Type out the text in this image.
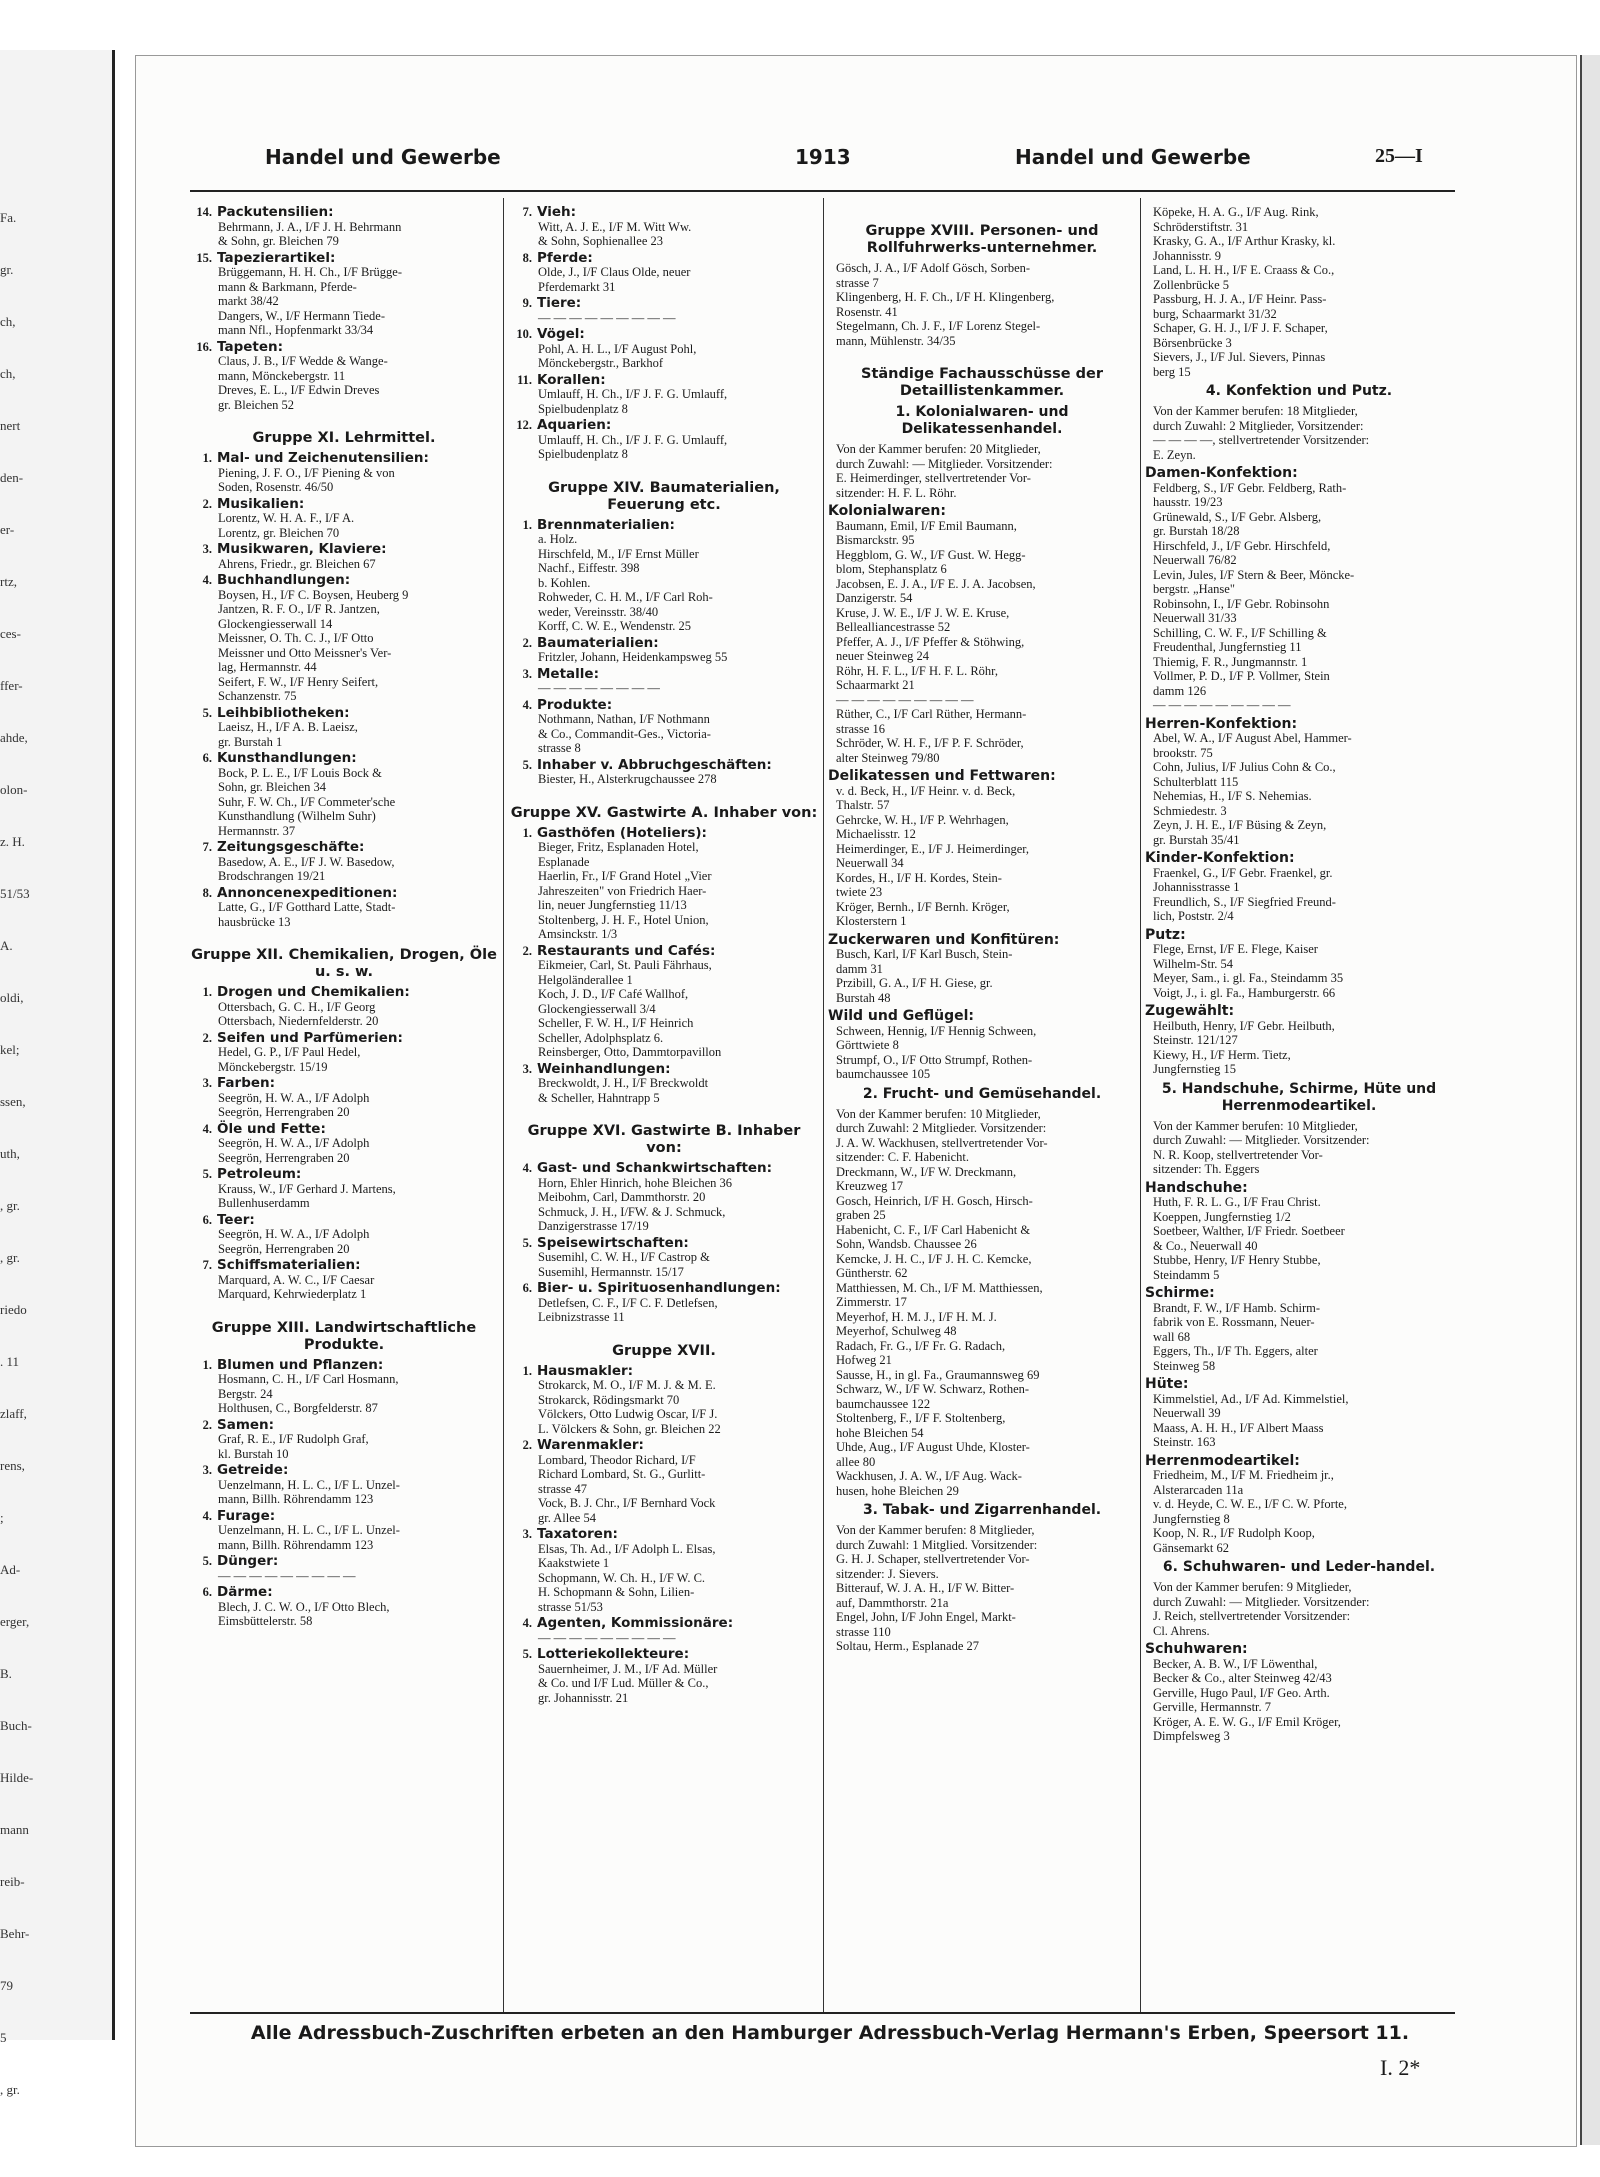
Fa.
gr.
ch,
ch,
nert
den-
er-
rtz,
ces-
ffer-
ahde,
olon-
z. H.
51/53
A.
oldi,
kel;
ssen,
uth,
, gr.
, gr.
riedo
. 11
zlaff,
rens,
;
Ad-
erger,
B.
Buch-
Hilde-
mann
reib-
Behr-
79
5
, gr.
Handel und Gewerbe	1913	Handel und Gewerbe	25—I
14. Packutensilien:
Behrmann, J. A., I/F J. H. Behrmann
& Sohn, gr. Bleichen 79
15. Tapezierartikel:
Brüggemann, H. H. Ch., I/F Brügge-
mann & Barkmann, Pferde-
markt 38/42
Dangers, W., I/F Hermann Tiede-
mann Nfl., Hopfenmarkt 33/34
16. Tapeten:
Claus, J. B., I/F Wedde & Wange-
mann, Mönckebergstr. 11
Dreves, E. L., I/F Edwin Dreves
gr. Bleichen 52
Gruppe XI. Lehrmittel.
1. Mal- und Zeichenutensilien:
Piening, J. F. O., I/F Piening & von
Soden, Rosenstr. 46/50
2. Musikalien:
Lorentz, W. H. A. F., I/F A.
Lorentz, gr. Bleichen 70
3. Musikwaren, Klaviere:
Ahrens, Friedr., gr. Bleichen 67
4. Buchhandlungen:
Boysen, H., I/F C. Boysen, Heuberg 9
Jantzen, R. F. O., I/F R. Jantzen,
Glockengiesserwall 14
Meissner, O. Th. C. J., I/F Otto
Meissner und Otto Meissner's Ver-
lag, Hermannstr. 44
Seifert, F. W., I/F Henry Seifert,
Schanzenstr. 75
5. Leihbibliotheken:
Laeisz, H., I/F A. B. Laeisz,
gr. Burstah 1
6. Kunsthandlungen:
Bock, P. L. E., I/F Louis Bock &
Sohn, gr. Bleichen 34
Suhr, F. W. Ch., I/F Commeter'sche
Kunsthandlung (Wilhelm Suhr)
Hermannstr. 37
7. Zeitungsgeschäfte:
Basedow, A. E., I/F J. W. Basedow,
Brodschrangen 19/21
8. Annoncenexpeditionen:
Latte, G., I/F Gotthard Latte, Stadt-
hausbrücke 13
Gruppe XII. Chemikalien, Drogen, Öle u. s. w.
1. Drogen und Chemikalien:
Ottersbach, G. C. H., I/F Georg
Ottersbach, Niedernfelderstr. 20
2. Seifen und Parfümerien:
Hedel, G. P., I/F Paul Hedel,
Mönckebergstr. 15/19
3. Farben:
Seegrön, H. W. A., I/F Adolph
Seegrön, Herrengraben 20
4. Öle und Fette:
Seegrön, H. W. A., I/F Adolph
Seegrön, Herrengraben 20
5. Petroleum:
Krauss, W., I/F Gerhard J. Martens,
Bullenhuserdamm
6. Teer:
Seegrön, H. W. A., I/F Adolph
Seegrön, Herrengraben 20
7. Schiffsmaterialien:
Marquard, A. W. C., I/F Caesar
Marquard, Kehrwiederplatz 1
Gruppe XIII. Landwirtschaftliche Produkte.
1. Blumen und Pflanzen:
Hosmann, C. H., I/F Carl Hosmann,
Bergstr. 24
Holthusen, C., Borgfelderstr. 87
2. Samen:
Graf, R. E., I/F Rudolph Graf,
kl. Burstah 10
3. Getreide:
Uenzelmann, H. L. C., I/F L. Unzel-
mann, Billh. Röhrendamm 123
4. Furage:
Uenzelmann, H. L. C., I/F L. Unzel-
mann, Billh. Röhrendamm 123
5. Dünger:
— — — — — — — — —
6. Därme:
Blech, J. C. W. O., I/F Otto Blech,
Eimsbüttelerstr. 58
7. Vieh:
Witt, A. J. E., I/F M. Witt Ww.
& Sohn, Sophienallee 23
8. Pferde:
Olde, J., I/F Claus Olde, neuer
Pferdemarkt 31
9. Tiere:
— — — — — — — — —
10. Vögel:
Pohl, A. H. L., I/F August Pohl,
Mönckebergstr., Barkhof
11. Korallen:
Umlauff, H. Ch., I/F J. F. G. Umlauff,
Spielbudenplatz 8
12. Aquarien:
Umlauff, H. Ch., I/F J. F. G. Umlauff,
Spielbudenplatz 8
Gruppe XIV. Baumaterialien, Feuerung etc.
1. Brennmaterialien:
a. Holz.
Hirschfeld, M., I/F Ernst Müller
Nachf., Eiffestr. 398
b. Kohlen.
Rohweder, C. H. M., I/F Carl Roh-
weder, Vereinsstr. 38/40
Korff, C. W. E., Wendenstr. 25
2. Baumaterialien:
Fritzler, Johann, Heidenkampsweg 55
3. Metalle:
— — — — — — — —
4. Produkte:
Nothmann, Nathan, I/F Nothmann
& Co., Commandit-Ges., Victoria-
strasse 8
5. Inhaber v. Abbruchgeschäften:
Biester, H., Alsterkrugchaussee 278
Gruppe XV. Gastwirte A. Inhaber von:
1. Gasthöfen (Hoteliers):
Bieger, Fritz, Esplanaden Hotel,
Esplanade
Haerlin, Fr., I/F Grand Hotel „Vier
Jahreszeiten" von Friedrich Haer-
lin, neuer Jungfernstieg 11/13
Stoltenberg, J. H. F., Hotel Union,
Amsinckstr. 1/3
2. Restaurants und Cafés:
Eikmeier, Carl, St. Pauli Fährhaus,
Helgoländerallee 1
Koch, J. D., I/F Café Wallhof,
Glockengiesserwall 3/4
Scheller, F. W. H., I/F Heinrich
Scheller, Adolphsplatz 6.
Reinsberger, Otto, Dammtorpavillon
3. Weinhandlungen:
Breckwoldt, J. H., I/F Breckwoldt
& Scheller, Hahntrapp 5
Gruppe XVI. Gastwirte B. Inhaber von:
4. Gast- und Schankwirtschaften:
Horn, Ehler Hinrich, hohe Bleichen 36
Meibohm, Carl, Dammthorstr. 20
Schmuck, J. H., I/FW. & J. Schmuck,
Danzigerstrasse 17/19
5. Speisewirtschaften:
Susemihl, C. W. H., I/F Castrop &
Susemihl, Hermannstr. 15/17
6. Bier- u. Spirituosenhandlungen:
Detlefsen, C. F., I/F C. F. Detlefsen,
Leibnizstrasse 11
Gruppe XVII.
1. Hausmakler:
Strokarck, M. O., I/F M. J. & M. E.
Strokarck, Rödingsmarkt 70
Völckers, Otto Ludwig Oscar, I/F J.
L. Völckers & Sohn, gr. Bleichen 22
2. Warenmakler:
Lombard, Theodor Richard, I/F
Richard Lombard, St. G., Gurlitt-
strasse 47
Vock, B. J. Chr., I/F Bernhard Vock
gr. Allee 54
3. Taxatoren:
Elsas, Th. Ad., I/F Adolph L. Elsas,
Kaakstwiete 1
Schopmann, W. Ch. H., I/F W. C.
H. Schopmann & Sohn, Lilien-
strasse 51/53
4. Agenten, Kommissionäre:
— — — — — — — — —
5. Lotteriekollekteure:
Sauernheimer, J. M., I/F Ad. Müller
& Co. und I/F Lud. Müller & Co.,
gr. Johannisstr. 21
Gruppe XVIII. Personen- und Rollfuhrwerks-unternehmer.
Gösch, J. A., I/F Adolf Gösch, Sorben-
strasse 7
Klingenberg, H. F. Ch., I/F H. Klingenberg,
Rosenstr. 41
Stegelmann, Ch. J. F., I/F Lorenz Stegel-
mann, Mühlenstr. 34/35
Ständige Fachausschüsse der Detaillistenkammer.
1. Kolonialwaren- und Delikatessenhandel.
Von der Kammer berufen: 20 Mitglieder,
durch Zuwahl: — Mitglieder. Vorsitzender:
E. Heimerdinger, stellvertretender Vor-
sitzender: H. F. L. Röhr.
Kolonialwaren:
Baumann, Emil, I/F Emil Baumann,
Bismarckstr. 95
Heggblom, G. W., I/F Gust. W. Hegg-
blom, Stephansplatz 6
Jacobsen, E. J. A., I/F E. J. A. Jacobsen,
Danzigerstr. 54
Kruse, J. W. E., I/F J. W. E. Kruse,
Bellealliancestrasse 52
Pfeffer, A. J., I/F Pfeffer & Stöhwing,
neuer Steinweg 24
Röhr, H. F. L., I/F H. F. L. Röhr,
Schaarmarkt 21
— — — — — — — — —
Rüther, C., I/F Carl Rüther, Hermann-
strasse 16
Schröder, W. H. F., I/F P. F. Schröder,
alter Steinweg 79/80
Delikatessen und Fettwaren:
v. d. Beck, H., I/F Heinr. v. d. Beck,
Thalstr. 57
Gehrcke, W. H., I/F P. Wehrhagen,
Michaelisstr. 12
Heimerdinger, E., I/F J. Heimerdinger,
Neuerwall 34
Kordes, H., I/F H. Kordes, Stein-
twiete 23
Kröger, Bernh., I/F Bernh. Kröger,
Klosterstern 1
Zuckerwaren und Konfitüren:
Busch, Karl, I/F Karl Busch, Stein-
damm 31
Przibill, G. A., I/F H. Giese, gr.
Burstah 48
Wild und Geflügel:
Schween, Hennig, I/F Hennig Schween,
Görttwiete 8
Strumpf, O., I/F Otto Strumpf, Rothen-
baumchaussee 105
2. Frucht- und Gemüsehandel.
Von der Kammer berufen: 10 Mitglieder,
durch Zuwahl: 2 Mitglieder. Vorsitzender:
J. A. W. Wackhusen, stellvertretender Vor-
sitzender: C. F. Habenicht.
Dreckmann, W., I/F W. Dreckmann,
Kreuzweg 17
Gosch, Heinrich, I/F H. Gosch, Hirsch-
graben 25
Habenicht, C. F., I/F Carl Habenicht &
Sohn, Wandsb. Chaussee 26
Kemcke, J. H. C., I/F J. H. C. Kemcke,
Güntherstr. 62
Matthiessen, M. Ch., I/F M. Matthiessen,
Zimmerstr. 17
Meyerhof, H. M. J., I/F H. M. J.
Meyerhof, Schulweg 48
Radach, Fr. G., I/F Fr. G. Radach,
Hofweg 21
Sausse, H., in gl. Fa., Graumannsweg 69
Schwarz, W., I/F W. Schwarz, Rothen-
baumchaussee 122
Stoltenberg, F., I/F F. Stoltenberg,
hohe Bleichen 54
Uhde, Aug., I/F August Uhde, Kloster-
allee 80
Wackhusen, J. A. W., I/F Aug. Wack-
husen, hohe Bleichen 29
3. Tabak- und Zigarrenhandel.
Von der Kammer berufen: 8 Mitglieder,
durch Zuwahl: 1 Mitglied. Vorsitzender:
G. H. J. Schaper, stellvertretender Vor-
sitzender: J. Sievers.
Bitterauf, W. J. A. H., I/F W. Bitter-
auf, Dammthorstr. 21a
Engel, John, I/F John Engel, Markt-
strasse 110
Soltau, Herm., Esplanade 27
Köpeke, H. A. G., I/F Aug. Rink,
Schröderstiftstr. 31
Krasky, G. A., I/F Arthur Krasky, kl.
Johannisstr. 9
Land, L. H. H., I/F E. Craass & Co.,
Zollenbrücke 5
Passburg, H. J. A., I/F Heinr. Pass-
burg, Schaarmarkt 31/32
Schaper, G. H. J., I/F J. F. Schaper,
Börsenbrücke 3
Sievers, J., I/F Jul. Sievers, Pinnas
berg 15
4. Konfektion und Putz.
Von der Kammer berufen: 18 Mitglieder,
durch Zuwahl: 2 Mitglieder, Vorsitzender:
— — — —, stellvertretender Vorsitzender:
E. Zeyn.
Damen-Konfektion:
Feldberg, S., I/F Gebr. Feldberg, Rath-
hausstr. 19/23
Grünewald, S., I/F Gebr. Alsberg,
gr. Burstah 18/28
Hirschfeld, J., I/F Gebr. Hirschfeld,
Neuerwall 76/82
Levin, Jules, I/F Stern & Beer, Möncke-
bergstr. „Hanse"
Robinsohn, I., I/F Gebr. Robinsohn
Neuerwall 31/33
Schilling, C. W. F., I/F Schilling &
Freudenthal, Jungfernstieg 11
Thiemig, F. R., Jungmannstr. 1
Vollmer, P. D., I/F P. Vollmer, Stein
damm 126
— — — — — — — — —
Herren-Konfektion:
Abel, W. A., I/F August Abel, Hammer-
brookstr. 75
Cohn, Julius, I/F Julius Cohn & Co.,
Schulterblatt 115
Nehemias, H., I/F S. Nehemias.
Schmiedestr. 3
Zeyn, J. H. E., I/F Büsing & Zeyn,
gr. Burstah 35/41
Kinder-Konfektion:
Fraenkel, G., I/F Gebr. Fraenkel, gr.
Johannisstrasse 1
Freundlich, S., I/F Siegfried Freund-
lich, Poststr. 2/4
Putz:
Flege, Ernst, I/F E. Flege, Kaiser
Wilhelm-Str. 54
Meyer, Sam., i. gl. Fa., Steindamm 35
Voigt, J., i. gl. Fa., Hamburgerstr. 66
Zugewählt:
Heilbuth, Henry, I/F Gebr. Heilbuth,
Steinstr. 121/127
Kiewy, H., I/F Herm. Tietz,
Jungfernstieg 15
5. Handschuhe, Schirme, Hüte und Herrenmodeartikel.
Von der Kammer berufen: 10 Mitglieder,
durch Zuwahl: — Mitglieder. Vorsitzender:
N. R. Koop, stellvertretender Vor-
sitzender: Th. Eggers
Handschuhe:
Huth, F. R. L. G., I/F Frau Christ.
Koeppen, Jungfernstieg 1/2
Soetbeer, Walther, I/F Friedr. Soetbeer
& Co., Neuerwall 40
Stubbe, Henry, I/F Henry Stubbe,
Steindamm 5
Schirme:
Brandt, F. W., I/F Hamb. Schirm-
fabrik von E. Rossmann, Neuer-
wall 68
Eggers, Th., I/F Th. Eggers, alter
Steinweg 58
Hüte:
Kimmelstiel, Ad., I/F Ad. Kimmelstiel,
Neuerwall 39
Maass, A. H. H., I/F Albert Maass
Steinstr. 163
Herrenmodeartikel:
Friedheim, M., I/F M. Friedheim jr.,
Alsterarcaden 11a
v. d. Heyde, C. W. E., I/F C. W. Pforte,
Jungfernstieg 8
Koop, N. R., I/F Rudolph Koop,
Gänsemarkt 62
6. Schuhwaren- und Leder-handel.
Von der Kammer berufen: 9 Mitglieder,
durch Zuwahl: — Mitglieder. Vorsitzender:
J. Reich, stellvertretender Vorsitzender:
Cl. Ahrens.
Schuhwaren:
Becker, A. B. W., I/F Löwenthal,
Becker & Co., alter Steinweg 42/43
Gerville, Hugo Paul, I/F Geo. Arth.
Gerville, Hermannstr. 7
Kröger, A. E. W. G., I/F Emil Kröger,
Dimpfelsweg 3
Alle Adressbuch-Zuschriften erbeten an den Hamburger Adressbuch-Verlag Hermann's Erben, Speersort 11.
I. 2*
